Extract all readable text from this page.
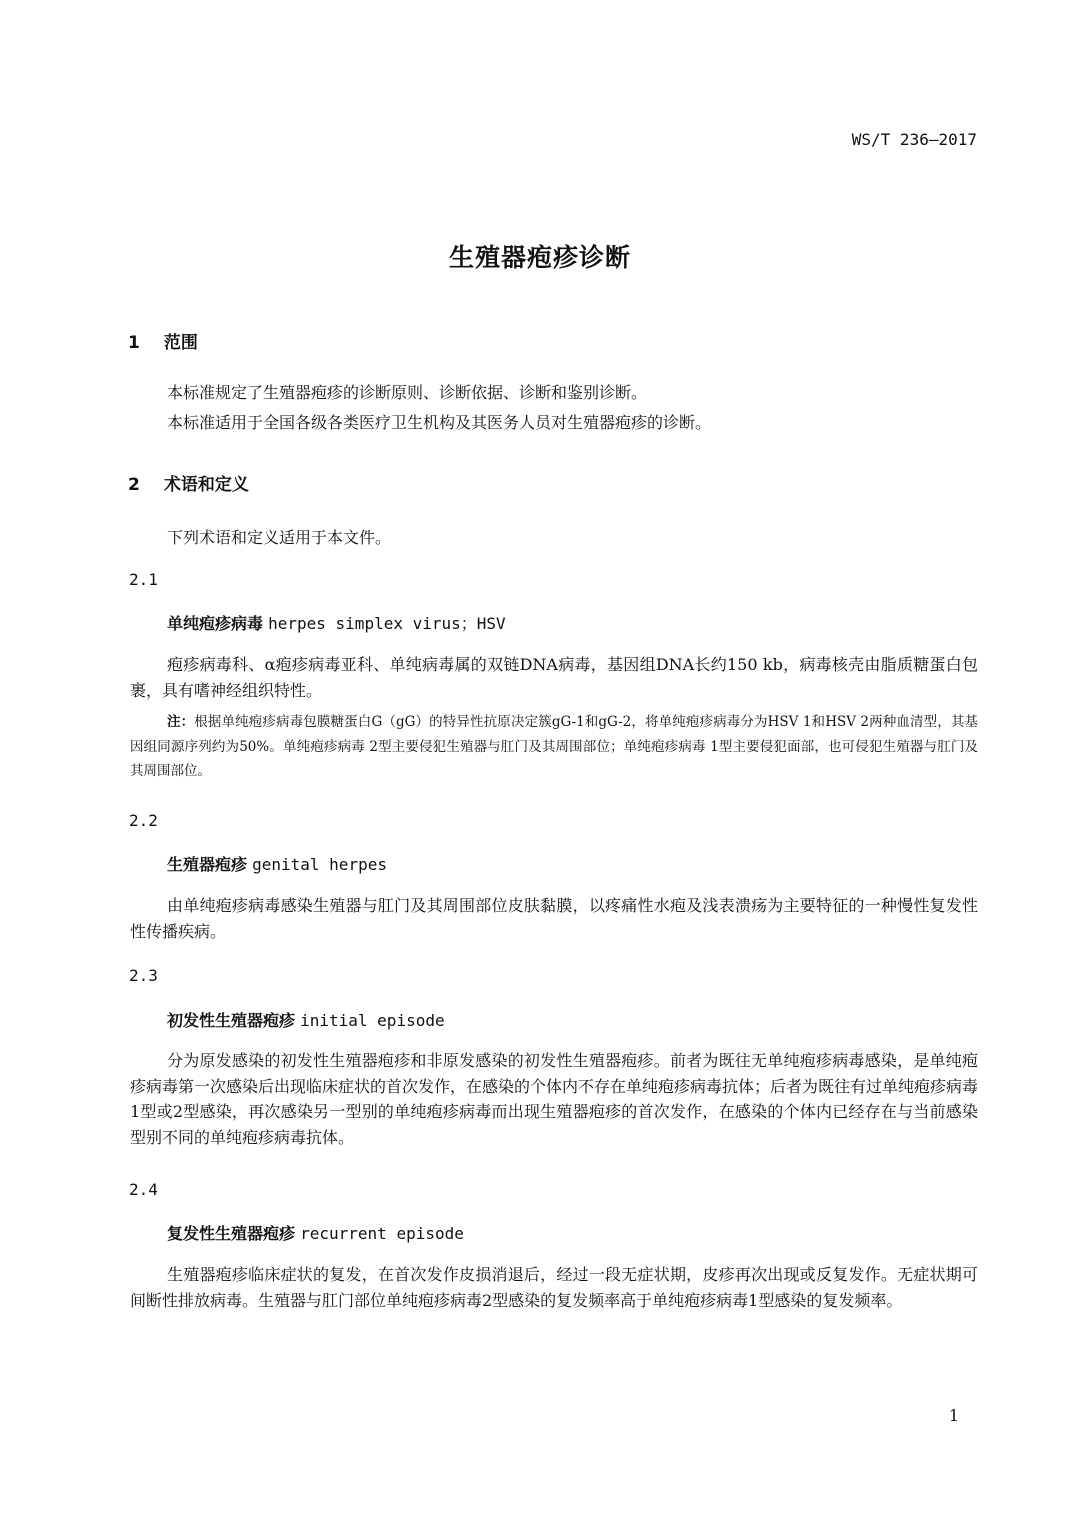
WS/T 236—2017
生殖器疱疹诊断
1 范围
本标准规定了生殖器疱疹的诊断原则、诊断依据、诊断和鉴别诊断。
本标准适用于全国各级各类医疗卫生机构及其医务人员对生殖器疱疹的诊断。
2 术语和定义
下列术语和定义适用于本文件。
2.1
单纯疱疹病毒 herpes simplex virus；HSV
疱疹病毒科、α疱疹病毒亚科、单纯病毒属的双链DNA病毒，基因组DNA长约150 kb，病毒核壳由脂质糖蛋白包裹，具有嗜神经组织特性。
注：根据单纯疱疹病毒包膜糖蛋白G（gG）的特异性抗原决定簇gG-1和gG-2，将单纯疱疹病毒分为HSV 1和HSV 2两种血清型，其基因组同源序列约为50%。单纯疱疹病毒 2型主要侵犯生殖器与肛门及其周围部位；单纯疱疹病毒 1型主要侵犯面部，也可侵犯生殖器与肛门及其周围部位。
2.2
生殖器疱疹 genital herpes
由单纯疱疹病毒感染生殖器与肛门及其周围部位皮肤黏膜，以疼痛性水疱及浅表溃疡为主要特征的一种慢性复发性性传播疾病。
2.3
初发性生殖器疱疹 initial episode
分为原发感染的初发性生殖器疱疹和非原发感染的初发性生殖器疱疹。前者为既往无单纯疱疹病毒感染，是单纯疱疹病毒第一次感染后出现临床症状的首次发作，在感染的个体内不存在单纯疱疹病毒抗体；后者为既往有过单纯疱疹病毒1型或2型感染，再次感染另一型别的单纯疱疹病毒而出现生殖器疱疹的首次发作，在感染的个体内已经存在与当前感染型别不同的单纯疱疹病毒抗体。
2.4
复发性生殖器疱疹 recurrent episode
生殖器疱疹临床症状的复发，在首次发作皮损消退后，经过一段无症状期，皮疹再次出现或反复发作。无症状期可间断性排放病毒。生殖器与肛门部位单纯疱疹病毒2型感染的复发频率高于单纯疱疹病毒1型感染的复发频率。
1
